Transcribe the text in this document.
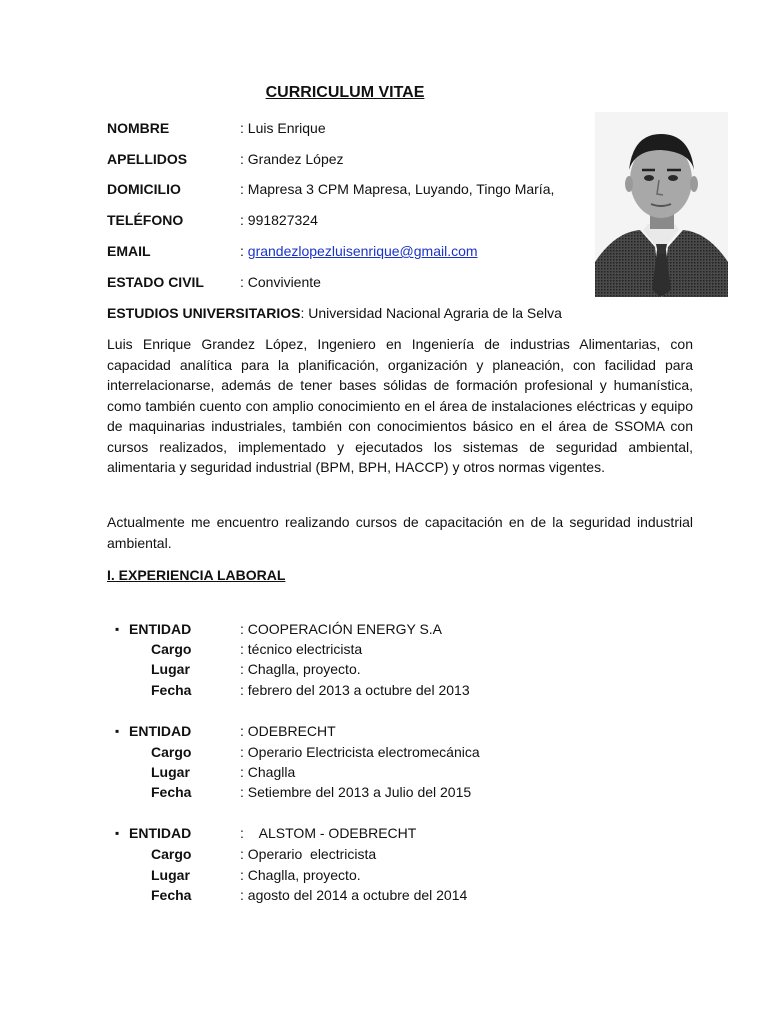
CURRICULUM VITAE
NOMBRE	: Luis Enrique
APELLIDOS	: Grandez López
DOMICILIO	: Mapresa 3 CPM Mapresa, Luyando, Tingo María,
TELÉFONO	: 991827324
EMAIL	: grandezlopezluisenrique@gmail.com
ESTADO CIVIL	: Conviviente
ESTUDIOS UNIVERSITARIOS: Universidad Nacional Agraria de la Selva
Luis Enrique Grandez López, Ingeniero en Ingeniería de industrias Alimentarias, con capacidad analítica para la planificación, organización y planeación, con facilidad para interrelacionarse, además de tener bases sólidas de formación profesional y humanística, como también cuento con amplio conocimiento en el área de instalaciones eléctricas y equipo de maquinarias industriales, también con conocimientos básico en el área de SSOMA con cursos realizados, implementado y ejecutados los sistemas de seguridad ambiental, alimentaria y seguridad industrial (BPM, BPH, HACCP) y otros normas vigentes.
Actualmente me encuentro realizando cursos de capacitación en de la seguridad industrial ambiental.
I. EXPERIENCIA LABORAL
▪ ENTIDAD	: COOPERACIÓN ENERGY S.A
Cargo	: técnico electricista
Lugar	: Chaglla, proyecto.
Fecha	: febrero del 2013 a octubre del 2013
▪ ENTIDAD	: ODEBRECHT
Cargo	: Operario Electricista electromecánica
Lugar	: Chaglla
Fecha	: Setiembre del 2013 a Julio del 2015
▪ ENTIDAD	:    ALSTOM - ODEBRECHT
Cargo	: Operario  electricista
Lugar	: Chaglla, proyecto.
Fecha	: agosto del 2014 a octubre del 2014
